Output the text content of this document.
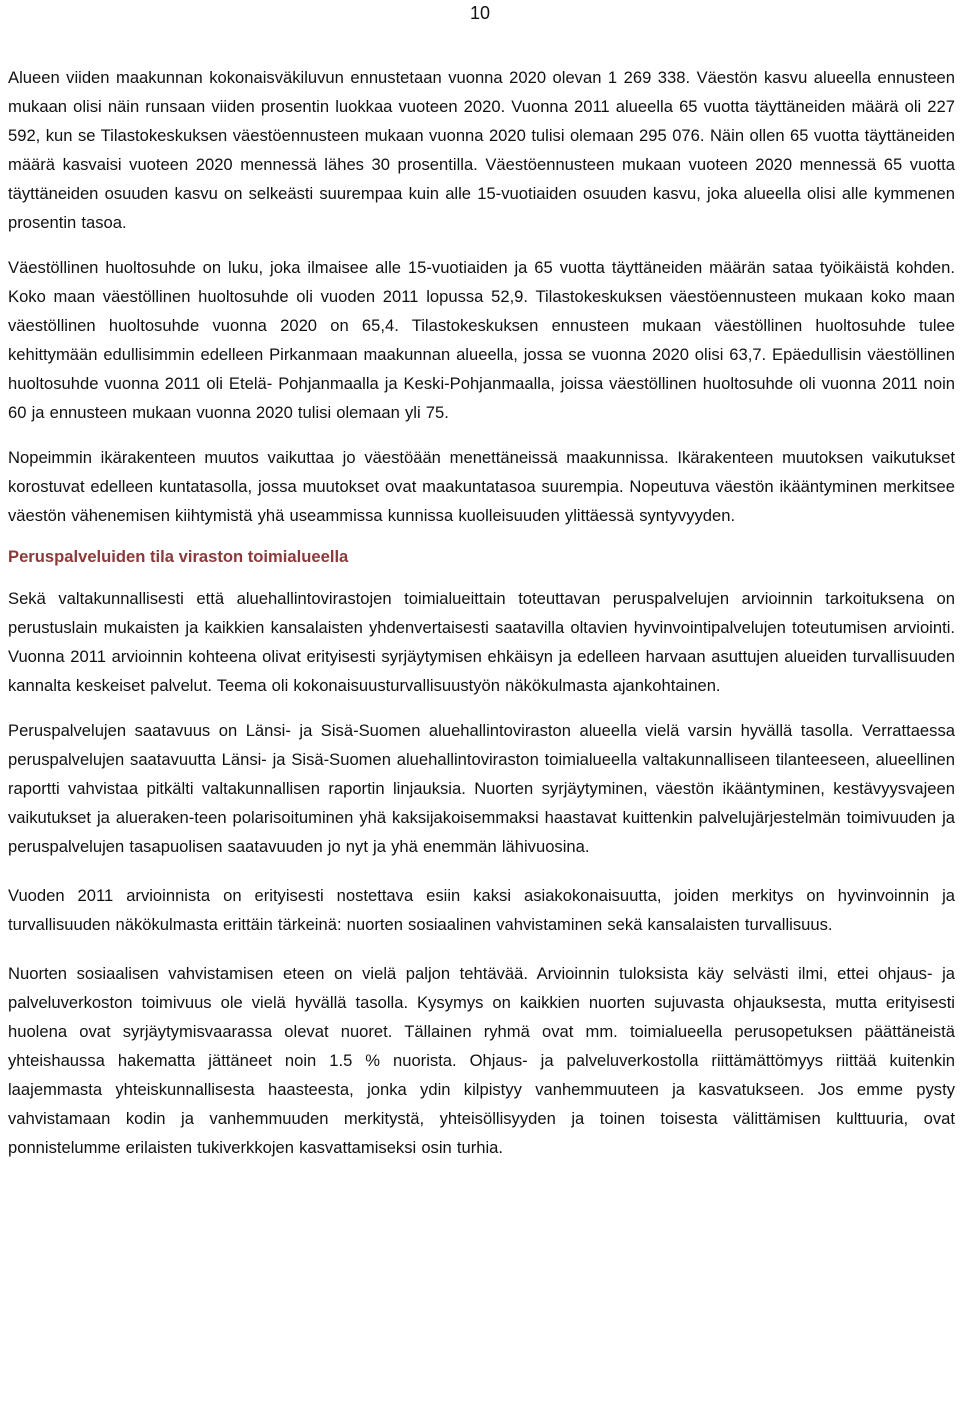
10

Alueen viiden maakunnan kokonaisväkiluvun ennustetaan vuonna 2020 olevan 1 269 338. Väestön kasvu alueella ennusteen mukaan olisi näin runsaan viiden prosentin luokkaa vuoteen 2020. Vuonna 2011 alueella 65 vuotta täyttäneiden määrä oli 227 592, kun se Tilastokeskuksen väestöennusteen mukaan vuonna 2020 tulisi olemaan 295 076. Näin ollen 65 vuotta täyttäneiden määrä kasvaisi vuoteen 2020 mennessä lähes 30 prosentilla. Väestöennusteen mukaan vuoteen 2020 mennessä 65 vuotta täyttäneiden osuuden kasvu on selkeästi suurempaa kuin alle 15-vuotiaiden osuuden kasvu, joka alueella olisi alle kymmenen prosentin tasoa.

Väestöllinen huoltosuhde on luku, joka ilmaisee alle 15-vuotiaiden ja 65 vuotta täyttäneiden määrän sataa työikäistä kohden. Koko maan väestöllinen huoltosuhde oli vuoden 2011 lopussa 52,9. Tilastokeskuksen väestöennusteen mukaan koko maan väestöllinen huoltosuhde vuonna 2020 on 65,4. Tilastokeskuksen ennusteen mukaan väestöllinen huoltosuhde tulee kehittymään edullisimmin edelleen Pirkanmaan maakunnan alueella, jossa se vuonna 2020 olisi 63,7. Epäedullisin väestöllinen huoltosuhde vuonna 2011 oli Etelä- Pohjanmaalla ja Keski-Pohjanmaalla, joissa väestöllinen huoltosuhde oli vuonna 2011 noin 60 ja ennusteen mukaan vuonna 2020 tulisi olemaan yli 75.

Nopeimmin ikärakenteen muutos vaikuttaa jo väestöään menettäneissä maakunnissa. Ikärakenteen muutoksen vaikutukset korostuvat edelleen kuntatasolla, jossa muutokset ovat maakuntatasoa suurempia. Nopeutuva väestön ikääntyminen merkitsee väestön vähenemisen kiihtymistä yhä useammissa kunnissa kuolleisuuden ylittäessä syntyvyyden.

Peruspalveluiden tila viraston toimialueella

Sekä valtakunnallisesti että aluehallintovirastojen toimialueittain toteuttavan peruspalvelujen arvioinnin tarkoituksena on perustuslain mukaisten ja kaikkien kansalaisten yhdenvertaisesti saatavilla oltavien hyvinvointipalvelujen toteutumisen arviointi. Vuonna 2011 arvioinnin kohteena olivat erityisesti syrjäytymisen ehkäisyn ja edelleen harvaan asuttujen alueiden turvallisuuden kannalta keskeiset palvelut. Teema oli kokonaisuusturvallisuustyön näkökulmasta ajankohtainen.

Peruspalvelujen saatavuus on Länsi- ja Sisä-Suomen aluehallintoviraston alueella vielä varsin hyvällä tasolla. Verrattaessa peruspalvelujen saatavuutta Länsi- ja Sisä-Suomen aluehallintoviraston toimialueella valtakunnalliseen tilanteeseen, alueellinen raportti vahvistaa pitkälti valtakunnallisen raportin linjauksia. Nuorten syrjäytyminen, väestön ikääntyminen, kestävyysvajeen vaikutukset ja alueraken-teen polarisoituminen yhä kaksijakoisemmaksi haastavat kuittenkin palvelujärjestelmän toimivuuden ja peruspalvelujen tasapuolisen saatavuuden jo nyt ja yhä enemmän lähivuosina.

Vuoden 2011 arvioinnista on erityisesti nostettava esiin kaksi asiakokonaisuutta, joiden merkitys on hyvinvoinnin ja turvallisuuden näkökulmasta erittäin tärkeinä: nuorten sosiaalinen vahvistaminen sekä kansalaisten turvallisuus.

Nuorten sosiaalisen vahvistamisen eteen on vielä paljon tehtävää. Arvioinnin tuloksista käy selvästi ilmi, ettei ohjaus- ja palveluverkoston toimivuus ole vielä hyvällä tasolla. Kysymys on kaikkien nuorten sujuvasta ohjauksesta, mutta erityisesti huolena ovat syrjäytymisvaarassa olevat nuoret. Tällainen ryhmä ovat mm. toimialueella perusopetuksen päättäneistä yhteishaussa hakematta jättäneet noin 1.5 % nuorista. Ohjaus- ja palveluverkostolla riittämättömyys riittää kuitenkin laajemmasta yhteiskunnallisesta haasteesta, jonka ydin kilpistyy vanhemmuuteen ja kasvatukseen. Jos emme pysty vahvistamaan kodin ja vanhemmuuden merkitystä, yhteisöllisyyden ja toinen toisesta välittämisen kulttuuria, ovat ponnistelumme erilaisten tukiverkkojen kasvattamiseksi osin turhia.
